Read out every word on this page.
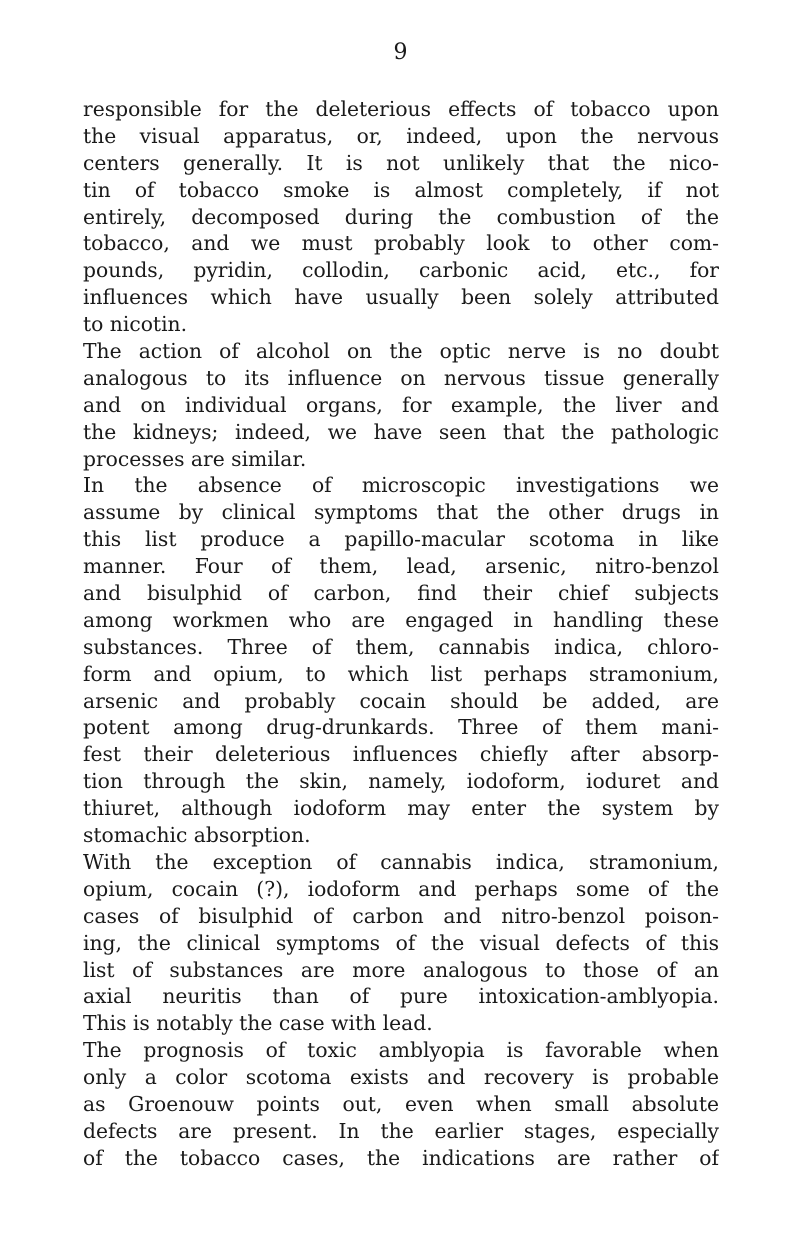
9
responsible for the deleterious effects of tobacco upon
the visual apparatus, or, indeed, upon the nervous
centers generally. It is not unlikely that the nico-
tin of tobacco smoke is almost completely, if not
entirely, decomposed during the combustion of the
tobacco, and we must probably look to other com-
pounds, pyridin, collodin, carbonic acid, etc., for
influences which have usually been solely attributed
to nicotin.
The action of alcohol on the optic nerve is no doubt
analogous to its influence on nervous tissue generally
and on individual organs, for example, the liver and
the kidneys; indeed, we have seen that the pathologic
processes are similar.
In the absence of microscopic investigations we
assume by clinical symptoms that the other drugs in
this list produce a papillo-macular scotoma in like
manner. Four of them, lead, arsenic, nitro-benzol
and bisulphid of carbon, find their chief subjects
among workmen who are engaged in handling these
substances. Three of them, cannabis indica, chloro-
form and opium, to which list perhaps stramonium,
arsenic and probably cocain should be added, are
potent among drug-drunkards. Three of them mani-
fest their deleterious influences chiefly after absorp-
tion through the skin, namely, iodoform, ioduret and
thiuret, although iodoform may enter the system by
stomachic absorption.
With the exception of cannabis indica, stramonium,
opium, cocain (?), iodoform and perhaps some of the
cases of bisulphid of carbon and nitro-benzol poison-
ing, the clinical symptoms of the visual defects of this
list of substances are more analogous to those of an
axial neuritis than of pure intoxication-amblyopia.
This is notably the case with lead.
The prognosis of toxic amblyopia is favorable when
only a color scotoma exists and recovery is probable
as Groenouw points out, even when small absolute
defects are present. In the earlier stages, especially
of the tobacco cases, the indications are rather of
